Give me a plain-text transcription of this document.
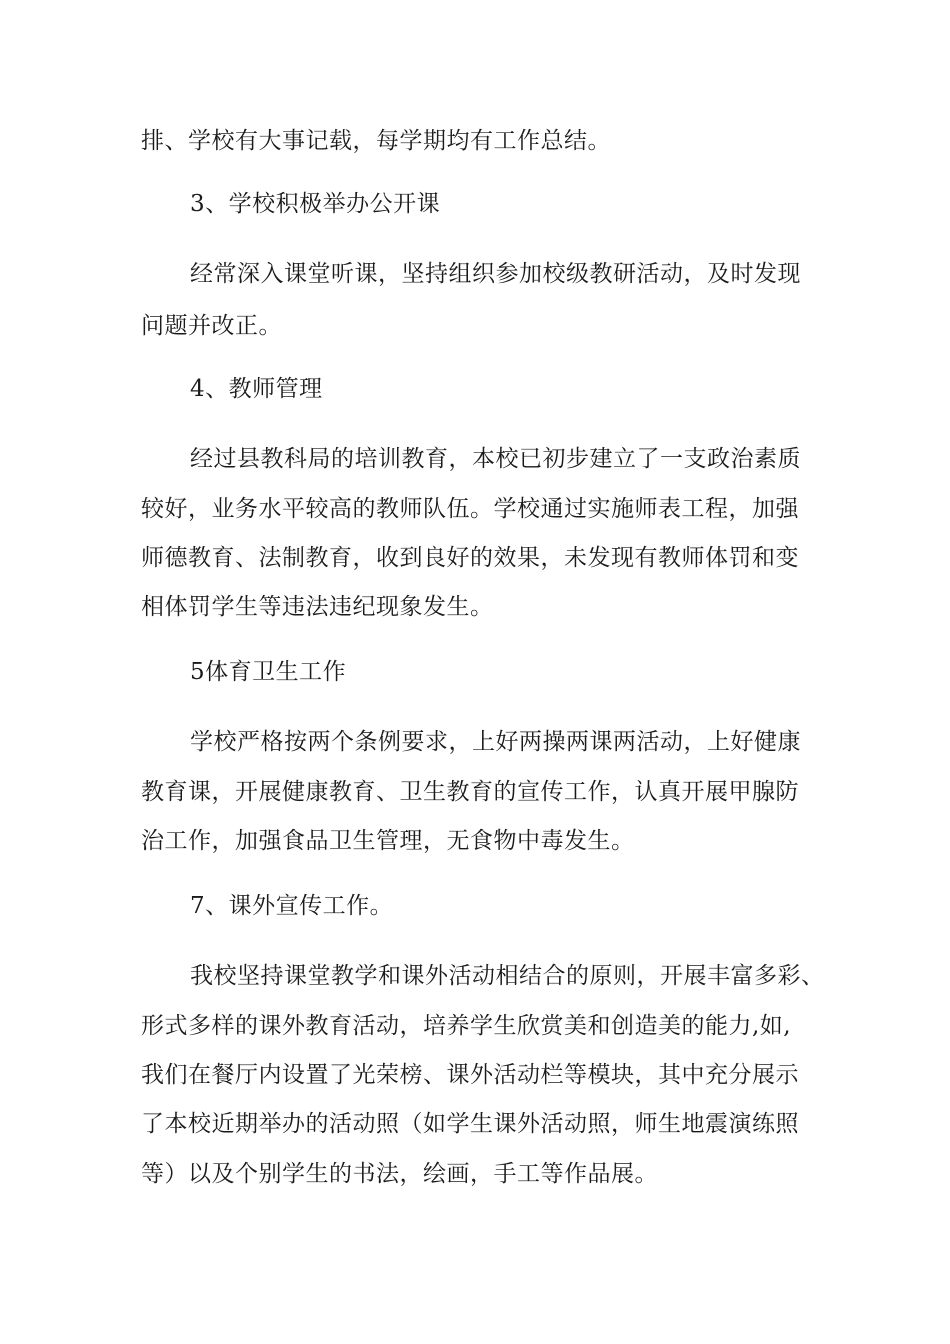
排、学校有大事记载，每学期均有工作总结。
3、学校积极举办公开课
经常深入课堂听课，坚持组织参加校级教研活动，及时发现
问题并改正。
4、教师管理
经过县教科局的培训教育，本校已初步建立了一支政治素质
较好，业务水平较高的教师队伍。学校通过实施师表工程，加强
师德教育、法制教育，收到良好的效果，未发现有教师体罚和变
相体罚学生等违法违纪现象发生。
5体育卫生工作
学校严格按两个条例要求，上好两操两课两活动，上好健康
教育课，开展健康教育、卫生教育的宣传工作，认真开展甲腺防
治工作，加强食品卫生管理，无食物中毒发生。
7、课外宣传工作。
我校坚持课堂教学和课外活动相结合的原则，开展丰富多彩、
形式多样的课外教育活动，培养学生欣赏美和创造美的能力,如,
我们在餐厅内设置了光荣榜、课外活动栏等模块，其中充分展示
了本校近期举办的活动照（如学生课外活动照，师生地震演练照
等）以及个别学生的书法，绘画，手工等作品展。
